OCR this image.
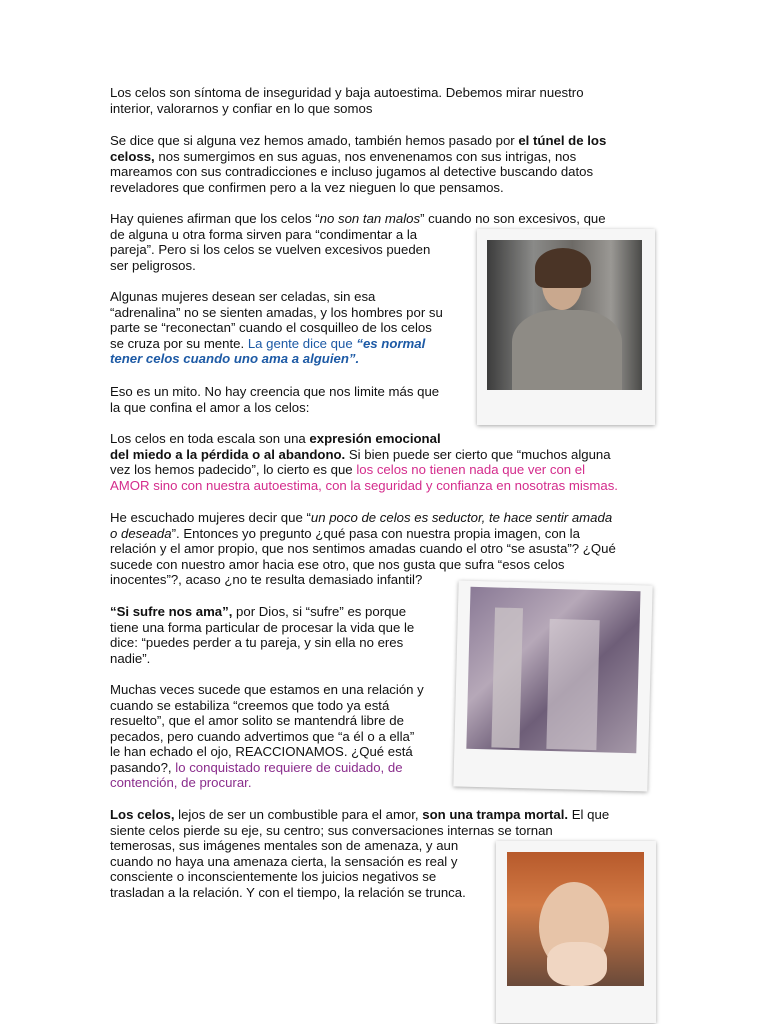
Los celos son síntoma de inseguridad y baja autoestima. Debemos mirar nuestro
interior, valorarnos y confiar en lo que somos

Se dice que si alguna vez hemos amado, también hemos pasado por el túnel de los
celoss, nos sumergimos en sus aguas, nos envenenamos con sus intrigas, nos
mareamos con sus contradicciones e incluso jugamos al detective buscando datos
reveladores que confirmen pero a la vez nieguen lo que pensamos.

Hay quienes afirman que los celos “no son tan malos” cuando no son excesivos, que
de alguna u otra forma sirven para “condimentar a la
pareja”. Pero si los celos se vuelven excesivos pueden
ser peligrosos.

Algunas mujeres desean ser celadas, sin esa
“adrenalina” no se sienten amadas, y los hombres por su
parte se “reconectan” cuando el cosquilleo de los celos
se cruza por su mente. La gente dice que “es normal
tener celos cuando uno ama a alguien”.

Eso es un mito. No hay creencia que nos limite más que
la que confina el amor a los celos:

Los celos en toda escala son una expresión emocional
del miedo a la pérdida o al abandono. Si bien puede ser cierto que “muchos alguna
vez los hemos padecido”, lo cierto es que los celos no tienen nada que ver con el
AMOR sino con nuestra autoestima, con la seguridad y confianza en nosotras mismas.

He escuchado mujeres decir que “un poco de celos es seductor, te hace sentir amada
o deseada”. Entonces yo pregunto ¿qué pasa con nuestra propia imagen, con la
relación y el amor propio, que nos sentimos amadas cuando el otro “se asusta”? ¿Qué
sucede con nuestro amor hacia ese otro, que nos gusta que sufra “esos celos
inocentes”?, acaso ¿no te resulta demasiado infantil?

“Si sufre nos ama”, por Dios, si “sufre” es porque
tiene una forma particular de procesar la vida que le
dice: “puedes perder a tu pareja, y sin ella no eres
nadie”.

Muchas veces sucede que estamos en una relación y
cuando se estabiliza “creemos que todo ya está
resuelto”, que el amor solito se mantendrá libre de
pecados, pero cuando advertimos que “a él o a ella”
le han echado el ojo, REACCIONAMOS. ¿Qué está
pasando?, lo conquistado requiere de cuidado, de
contención, de procurar.

Los celos, lejos de ser un combustible para el amor, son una trampa mortal. El que
siente celos pierde su eje, su centro; sus conversaciones internas se tornan
temerosas, sus imágenes mentales son de amenaza, y aun
cuando no haya una amenaza cierta, la sensación es real y
consciente o inconscientemente los juicios negativos se
trasladan a la relación. Y con el tiempo, la relación se trunca.
